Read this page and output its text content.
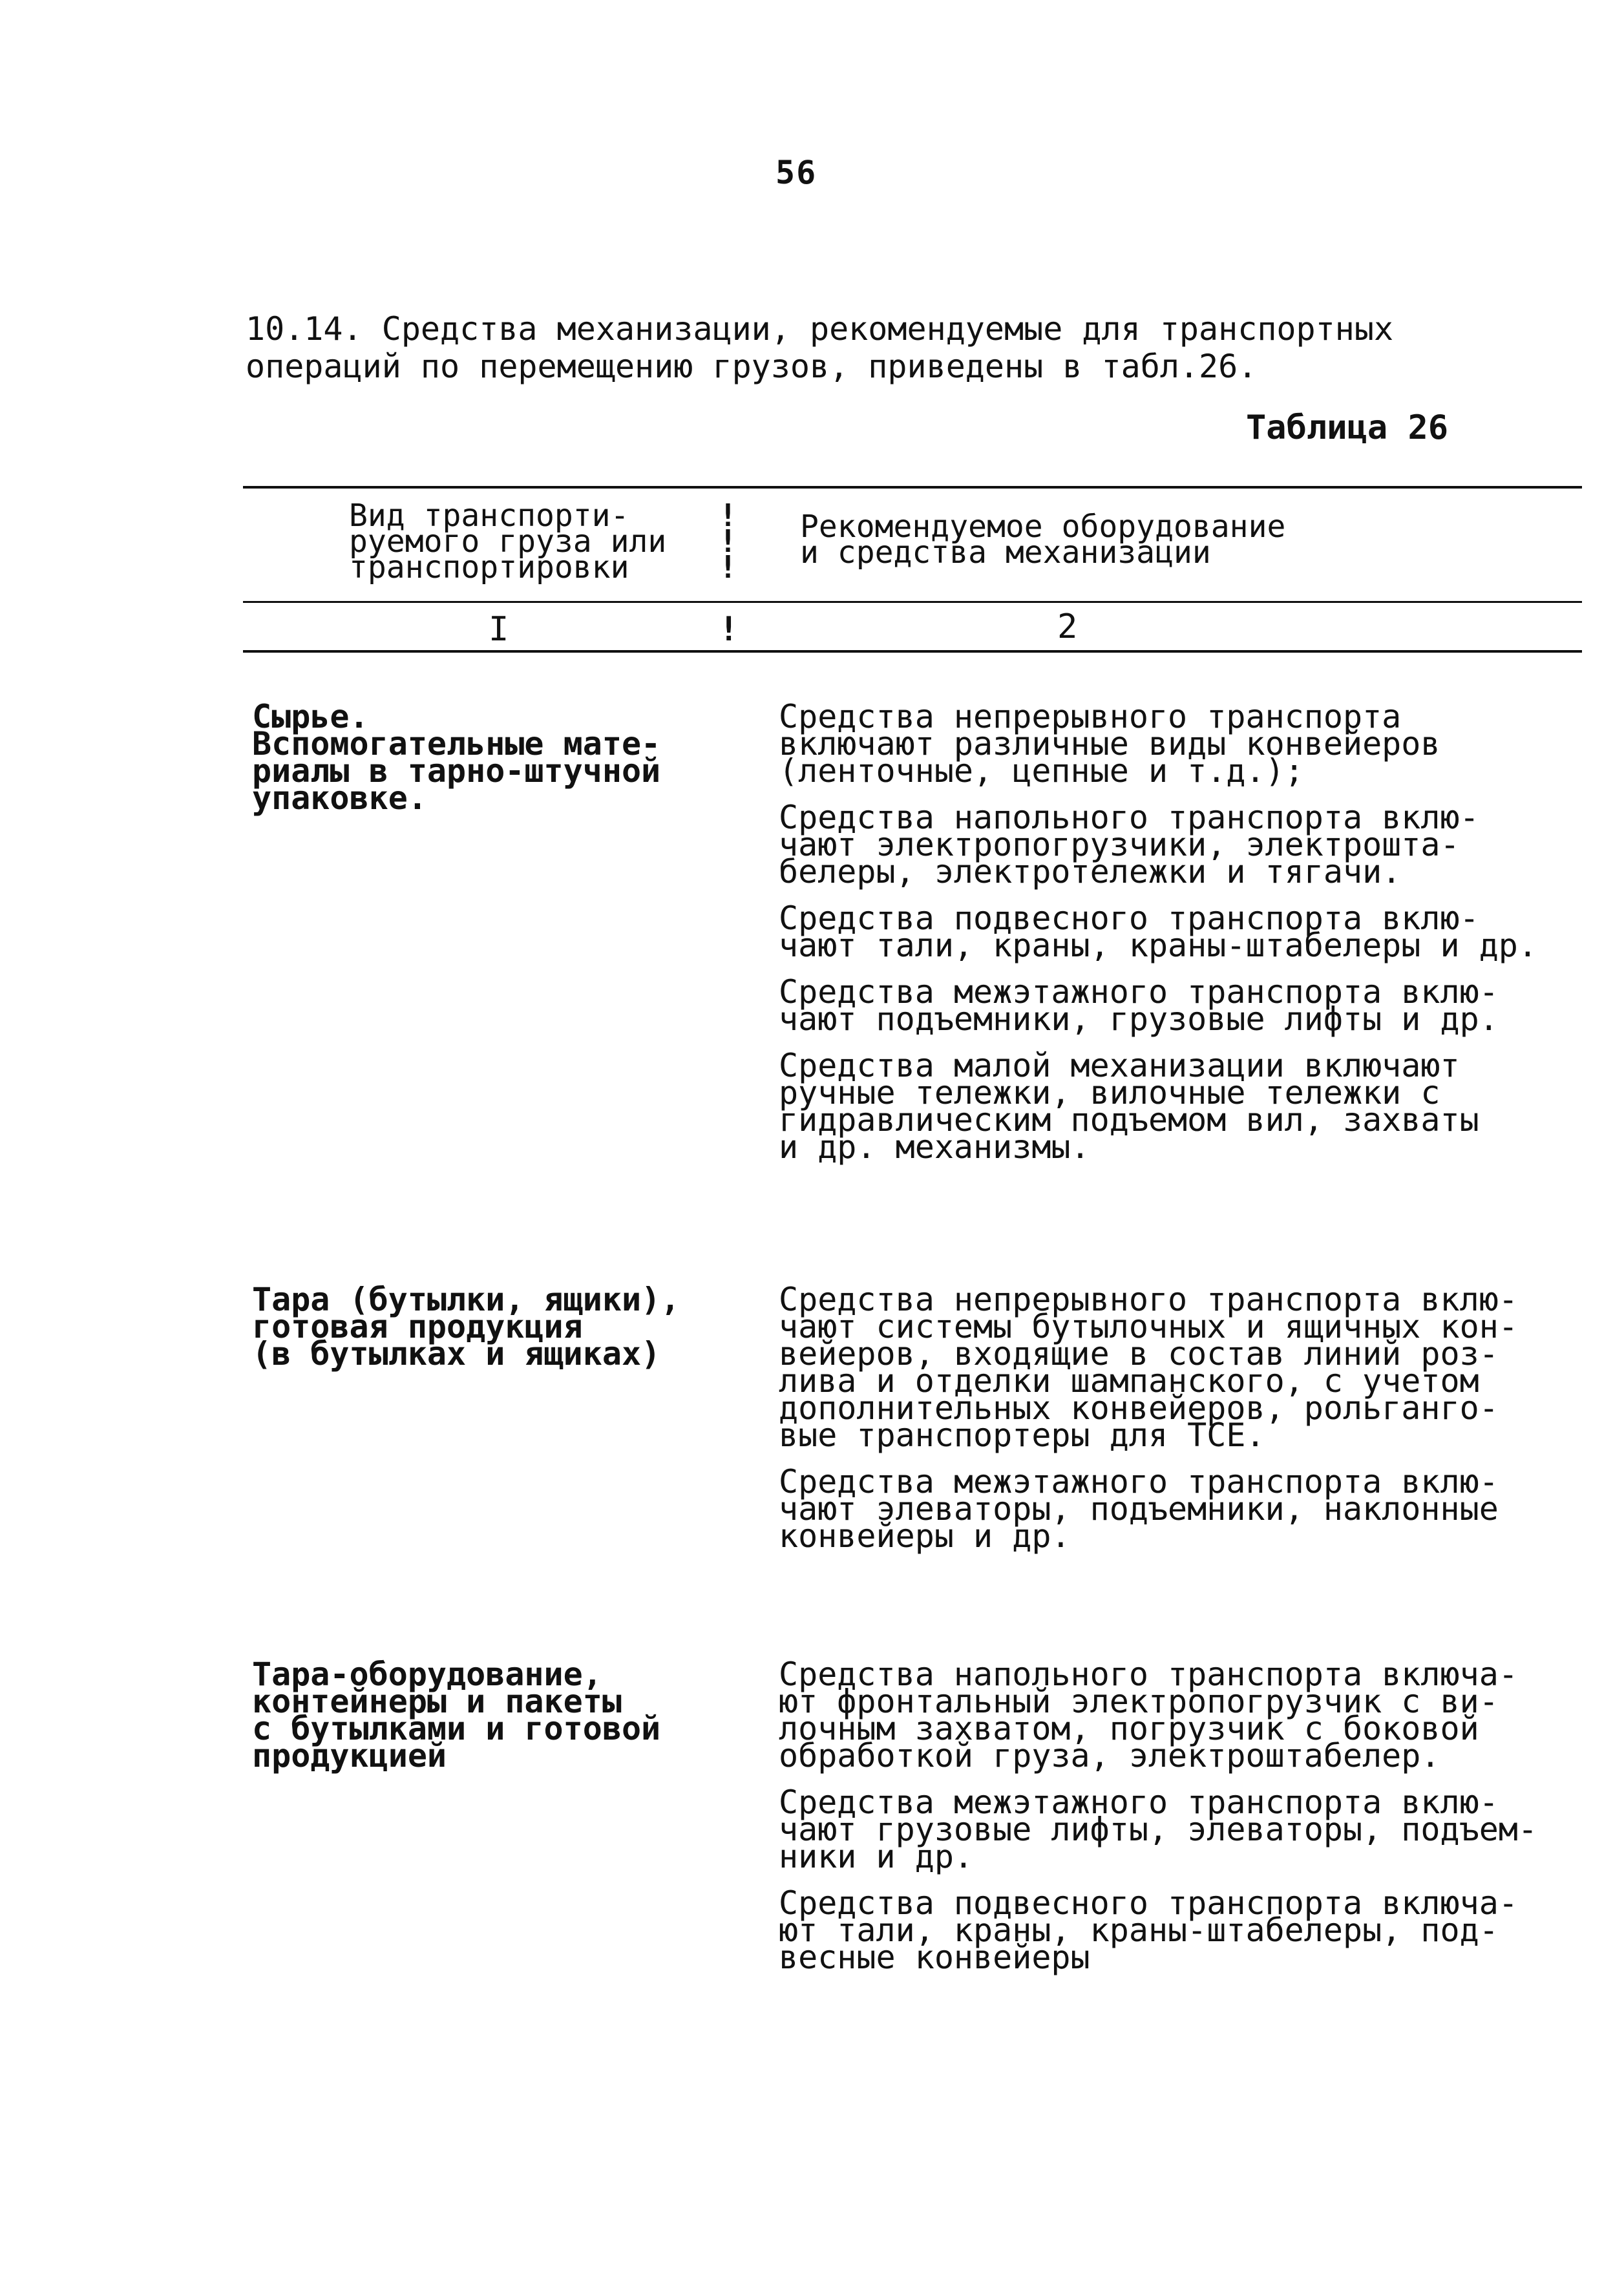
56

10.14. Средства механизации, рекомендуемые для транспортных

операций по перемещению грузов, приведены в табл.26.

Таблица 26

Вид транспорти-

руемого груза или

транспортировки

!

!

!

Рекомендуемое оборудование

и средства механизации

I	!	2

Сырье.

Вспомогательные мате-

риалы в тарно-штучной

упаковке.

Средства непрерывного транспорта

включают различные виды конвейеров

(ленточные, цепные и т.д.);

Средства напольного транспорта вклю-

чают электропогрузчики, электрошта-

белеры, электротележки и тягачи.

Средства подвесного транспорта вклю-

чают тали, краны, краны-штабелеры и др.

Средства межэтажного транспорта вклю-

чают подъемники, грузовые лифты и др.

Средства малой механизации включают

ручные тележки, вилочные тележки с

гидравлическим подъемом вил, захваты

и др. механизмы.

Тара (бутылки, ящики),

готовая продукция

(в бутылках и ящиках)

Средства непрерывного транспорта вклю-

чают системы бутылочных и ящичных кон-

вейеров, входящие в состав линий роз-

лива и отделки шампанского, с учетом

дополнительных конвейеров, рольганго-

вые транспортеры для ТСЕ.

Средства межэтажного транспорта вклю-

чают элеваторы, подъемники, наклонные

конвейеры и др.

Тара-оборудование,

контейнеры и пакеты

с бутылками и готовой

продукцией

Средства напольного транспорта включа-

ют фронтальный электропогрузчик с ви-

лочным захватом, погрузчик с боковой

обработкой груза, электроштабелер.

Средства межэтажного транспорта вклю-

чают грузовые лифты, элеваторы, подъем-

ники и др.

Средства подвесного транспорта включа-

ют тали, краны, краны-штабелеры, под-

весные конвейеры
